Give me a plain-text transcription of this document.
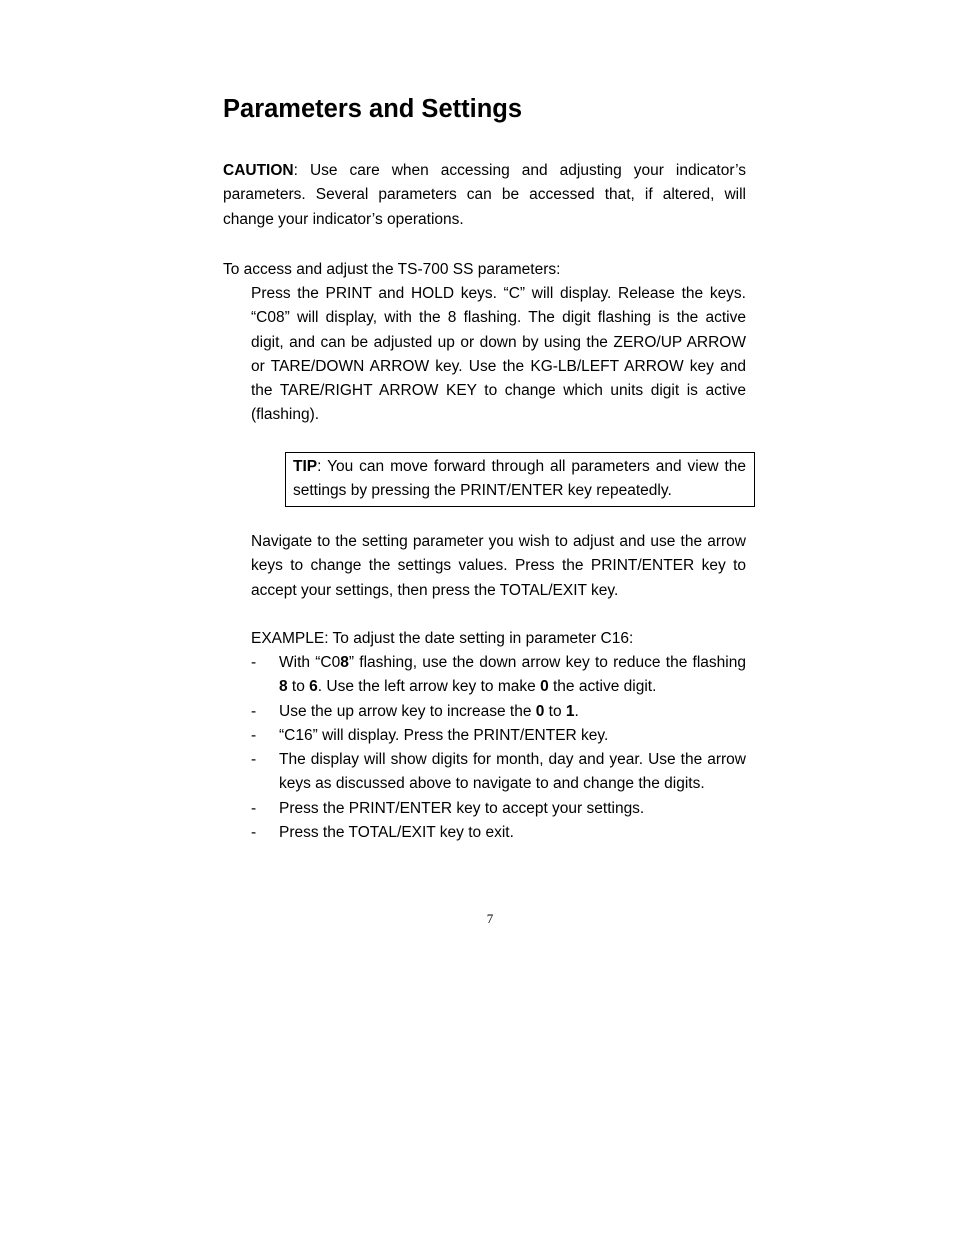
Parameters and Settings

CAUTION: Use care when accessing and adjusting your indicator’s parameters. Several parameters can be accessed that, if altered, will change your indicator’s operations.

To access and adjust the TS-700 SS parameters:

Press the PRINT and HOLD keys. “C” will display. Release the keys. “C08” will display, with the 8 flashing. The digit flashing is the active digit, and can be adjusted up or down by using the ZERO/UP ARROW or TARE/DOWN ARROW key. Use the KG-LB/LEFT ARROW key and the TARE/RIGHT ARROW KEY to change which units digit is active (flashing).

TIP: You can move forward through all parameters and view the settings by pressing the PRINT/ENTER key repeatedly.

Navigate to the setting parameter you wish to adjust and use the arrow keys to change the settings values. Press the PRINT/ENTER key to accept your settings, then press the TOTAL/EXIT key.

EXAMPLE: To adjust the date setting in parameter C16:

- With “C08” flashing, use the down arrow key to reduce the flashing 8 to 6. Use the left arrow key to make 0 the active digit.
- Use the up arrow key to increase the 0 to 1.
- “C16” will display. Press the PRINT/ENTER key.
- The display will show digits for month, day and year. Use the arrow keys as discussed above to navigate to and change the digits.
- Press the PRINT/ENTER key to accept your settings.
- Press the TOTAL/EXIT key to exit.
7
